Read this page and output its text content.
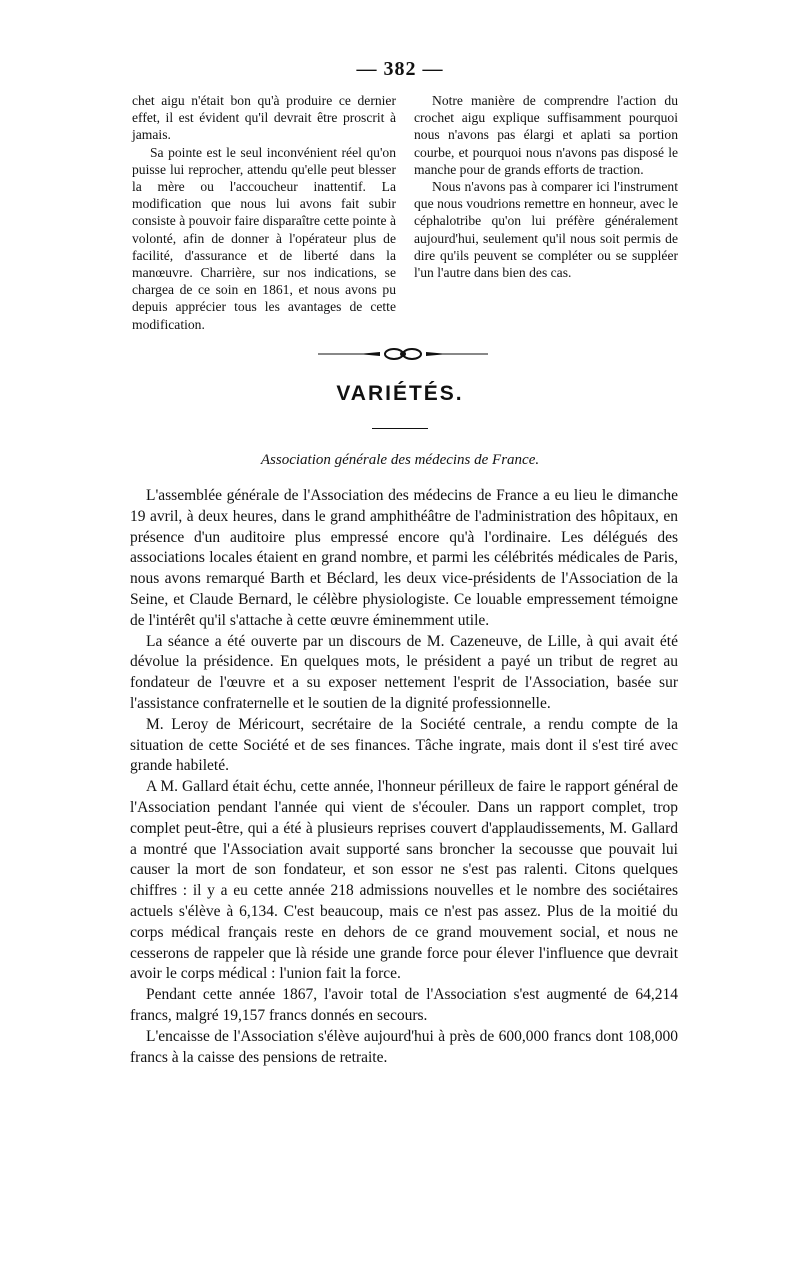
— 382 —

chet aigu n'était bon qu'à produire ce dernier effet, il est évident qu'il devrait être proscrit à jamais.

Sa pointe est le seul inconvénient réel qu'on puisse lui reprocher, attendu qu'elle peut blesser la mère ou l'accoucheur inattentif. La modification que nous lui avons fait subir consiste à pouvoir faire disparaître cette pointe à volonté, afin de donner à l'opérateur plus de facilité, d'assurance et de liberté dans la manœuvre. Charrière, sur nos indications, se chargea de ce soin en 1861, et nous avons pu depuis apprécier tous les avantages de cette modification.

Notre manière de comprendre l'action du crochet aigu explique suffisamment pourquoi nous n'avons pas élargi et aplati sa portion courbe, et pourquoi nous n'avons pas disposé le manche pour de grands efforts de traction.

Nous n'avons pas à comparer ici l'instrument que nous voudrions remettre en honneur, avec le céphalotribe qu'on lui préfère généralement aujourd'hui, seulement qu'il nous soit permis de dire qu'ils peuvent se compléter ou se suppléer l'un l'autre dans bien des cas.

VARIÉTÉS.
Association générale des médecins de France.

L'assemblée générale de l'Association des médecins de France a eu lieu le dimanche 19 avril, à deux heures, dans le grand amphithéâtre de l'administration des hôpitaux, en présence d'un auditoire plus empressé encore qu'à l'ordinaire. Les délégués des associations locales étaient en grand nombre, et parmi les célébrités médicales de Paris, nous avons remarqué Barth et Béclard, les deux vice-présidents de l'Association de la Seine, et Claude Bernard, le célèbre physiologiste. Ce louable empressement témoigne de l'intérêt qu'il s'attache à cette œuvre éminemment utile.

La séance a été ouverte par un discours de M. Cazeneuve, de Lille, à qui avait été dévolue la présidence. En quelques mots, le président a payé un tribut de regret au fondateur de l'œuvre et a su exposer nettement l'esprit de l'Association, basée sur l'assistance confraternelle et le soutien de la dignité professionnelle.

M. Leroy de Méricourt, secrétaire de la Société centrale, a rendu compte de la situation de cette Société et de ses finances. Tâche ingrate, mais dont il s'est tiré avec grande habileté.

A M. Gallard était échu, cette année, l'honneur périlleux de faire le rapport général de l'Association pendant l'année qui vient de s'écouler. Dans un rapport complet, trop complet peut-être, qui a été à plusieurs reprises couvert d'applaudissements, M. Gallard a montré que l'Association avait supporté sans broncher la secousse que pouvait lui causer la mort de son fondateur, et son essor ne s'est pas ralenti. Citons quelques chiffres : il y a eu cette année 218 admissions nouvelles et le nombre des sociétaires actuels s'élève à 6,134. C'est beaucoup, mais ce n'est pas assez. Plus de la moitié du corps médical français reste en dehors de ce grand mouvement social, et nous ne cesserons de rappeler que là réside une grande force pour élever l'influence que devrait avoir le corps médical : l'union fait la force.

Pendant cette année 1867, l'avoir total de l'Association s'est augmenté de 64,214 francs, malgré 19,157 francs donnés en secours.

L'encaisse de l'Association s'élève aujourd'hui à près de 600,000 francs dont 108,000 francs à la caisse des pensions de retraite.
